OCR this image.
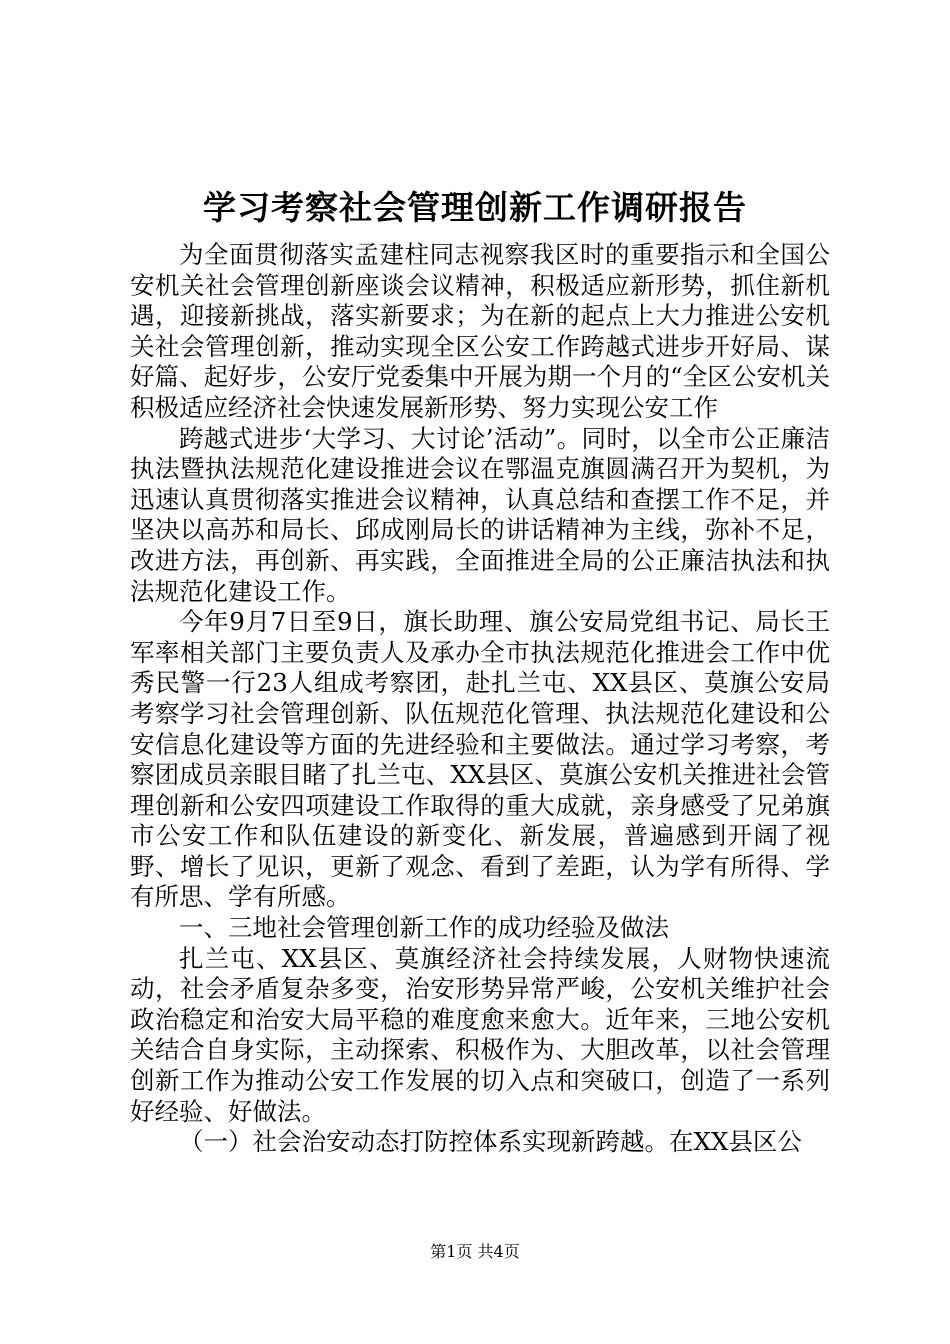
学习考察社会管理创新工作调研报告

为全面贯彻落实孟建柱同志视察我区时的重要指示和全国公安机关社会管理创新座谈会议精神，积极适应新形势，抓住新机遇，迎接新挑战，落实新要求；为在新的起点上大力推进公安机关社会管理创新，推动实现全区公安工作跨越式进步开好局、谋好篇、起好步，公安厅党委集中开展为期一个月的“全区公安机关积极适应经济社会快速发展新形势、努力实现公安工作

跨越式进步‘大学习、大讨论’活动”。同时，以全市公正廉洁执法暨执法规范化建设推进会议在鄂温克旗圆满召开为契机，为迅速认真贯彻落实推进会议精神，认真总结和查摆工作不足，并坚决以高苏和局长、邱成刚局长的讲话精神为主线，弥补不足，改进方法，再创新、再实践，全面推进全局的公正廉洁执法和执法规范化建设工作。

今年9月7日至9日，旗长助理、旗公安局党组书记、局长王军率相关部门主要负责人及承办全市执法规范化推进会工作中优秀民警一行23人组成考察团，赴扎兰屯、XX县区、莫旗公安局考察学习社会管理创新、队伍规范化管理、执法规范化建设和公安信息化建设等方面的先进经验和主要做法。通过学习考察，考察团成员亲眼目睹了扎兰屯、XX县区、莫旗公安机关推进社会管理创新和公安四项建设工作取得的重大成就，亲身感受了兄弟旗市公安工作和队伍建设的新变化、新发展，普遍感到开阔了视野、增长了见识，更新了观念、看到了差距，认为学有所得、学有所思、学有所感。

一、三地社会管理创新工作的成功经验及做法

扎兰屯、XX县区、莫旗经济社会持续发展，人财物快速流动，社会矛盾复杂多变，治安形势异常严峻，公安机关维护社会政治稳定和治安大局平稳的难度愈来愈大。近年来，三地公安机关结合自身实际，主动探索、积极作为、大胆改革，以社会管理创新工作为推动公安工作发展的切入点和突破口，创造了一系列好经验、好做法。

（一）社会治安动态打防控体系实现新跨越。在XX县区公

第1页 共4页
